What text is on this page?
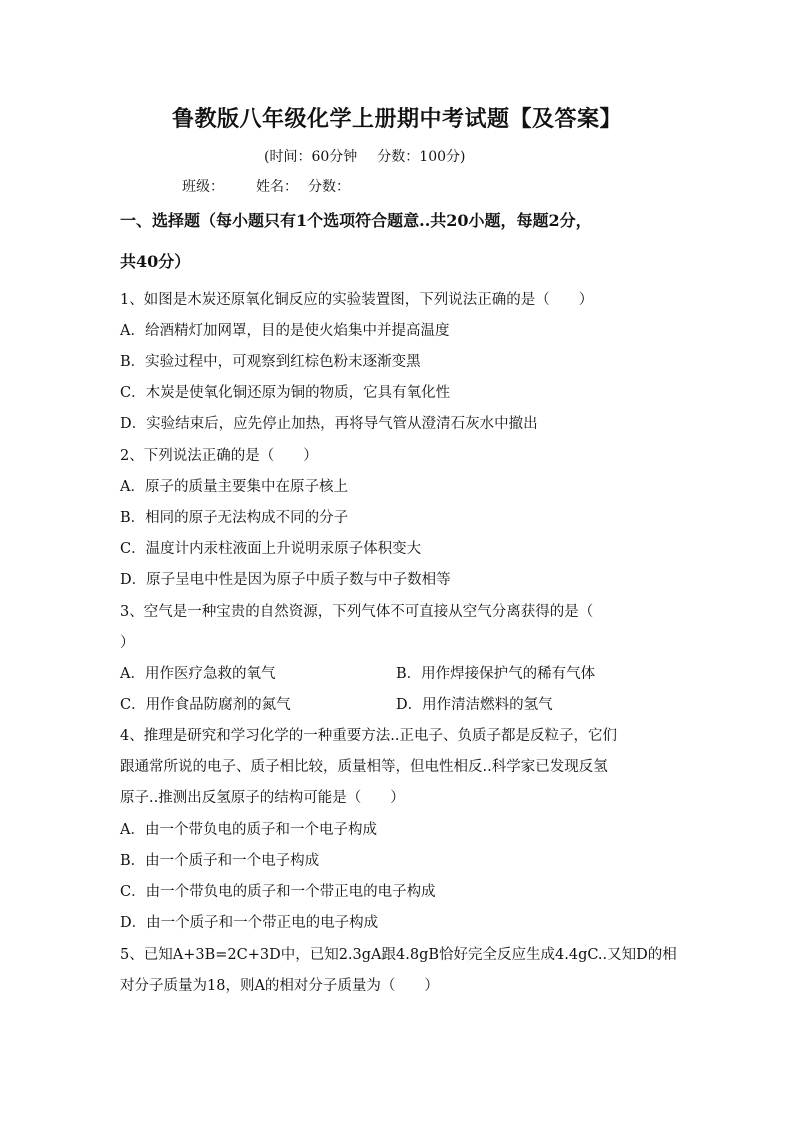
鲁教版八年级化学上册期中考试题【及答案】
(时间：60分钟 分数：100分)
班级： 姓名： 分数：
一、选择题（每小题只有1个选项符合题意..共20小题，每题2分，
共40分）
1、如图是木炭还原氧化铜反应的实验装置图，下列说法正确的是（　　）
A．给酒精灯加网罩，目的是使火焰集中并提高温度
B．实验过程中，可观察到红棕色粉末逐渐变黑
C．木炭是使氧化铜还原为铜的物质，它具有氧化性
D．实验结束后，应先停止加热，再将导气管从澄清石灰水中撤出
2、下列说法正确的是（　　）
A．原子的质量主要集中在原子核上
B．相同的原子无法构成不同的分子
C．温度计内汞柱液面上升说明汞原子体积变大
D．原子呈电中性是因为原子中质子数与中子数相等
3、空气是一种宝贵的自然资源，下列气体不可直接从空气分离获得的是（
）
A．用作医疗急救的氧气	B．用作焊接保护气的稀有气体
C．用作食品防腐剂的氮气	D．用作清洁燃料的氢气
4、推理是研究和学习化学的一种重要方法..正电子、负质子都是反粒子，它们
跟通常所说的电子、质子相比较，质量相等，但电性相反..科学家已发现反氢
原子..推测出反氢原子的结构可能是（　　）
A．由一个带负电的质子和一个电子构成
B．由一个质子和一个电子构成
C．由一个带负电的质子和一个带正电的电子构成
D．由一个质子和一个带正电的电子构成
5、已知A+3B=2C+3D中，已知2.3gA跟4.8gB恰好完全反应生成4.4gC..又知D的相
对分子质量为18，则A的相对分子质量为（　　）
